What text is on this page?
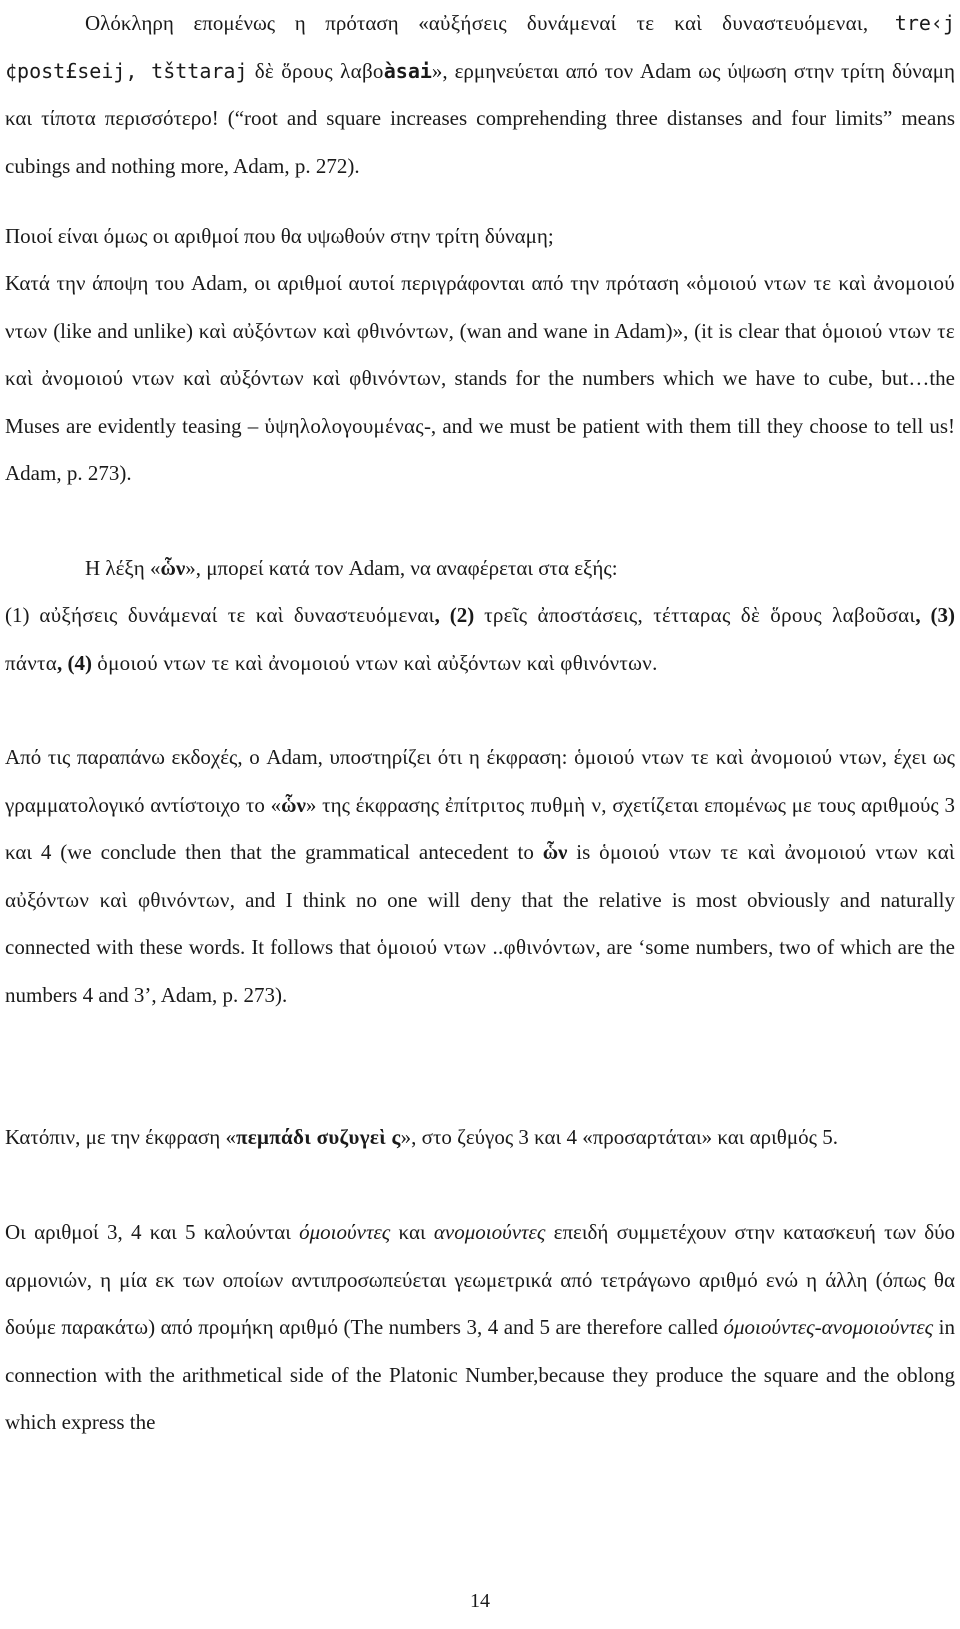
Ολόκληρη επομένως η πρόταση «αὐξήσεις δυνάμεναί τε καὶ δυναστευόμεναι, tre‹j ¢post£seij, tšttaraj δὲ ὅρους λαβοàsai», ερμηνεύεται από τον Adam ως ύψωση στην τρίτη δύναμη και τίποτα περισσότερο! (“root and square increases comprehending three distanses and four limits” means cubings and nothing more, Adam, p. 272).

Ποιοί είναι όμως οι αριθμοί που θα υψωθούν στην τρίτη δύναμη;

Κατά την άποψη του Adam, οι αριθμοί αυτοί περιγράφονται από την πρόταση «ὁμοιού ντων τε καὶ ἀνομοιού ντων (like and unlike) καὶ αὐξόντων καὶ φθινόντων, (wan and wane in Adam)», (it is clear that ὁμοιού ντων τε καὶ ἀνομοιού ντων καὶ αὐξόντων καὶ φθινόντων, stands for the numbers which we have to cube, but…the Muses are evidently teasing – ὑψηλολογουμένας-, and we must be patient with them till they choose to tell us! Adam, p. 273).

Η λέξη «ὧν», μπορεί κατά τον Adam, να αναφέρεται στα εξής:

(1) αὐξήσεις δυνάμεναί τε καὶ δυναστευόμεναι, (2) τρεῖς ἀποστάσεις, τέτταρας δὲ ὅρους λαβοῦσαι, (3) πάντα, (4) ὁμοιού ντων τε καὶ ἀνομοιού ντων καὶ αὐξόντων καὶ φθινόντων.

Από τις παραπάνω εκδοχές, ο Adam, υποστηρίζει ότι η έκφραση: ὁμοιού ντων τε καὶ ἀνομοιού ντων, έχει ως γραμματολογικό αντίστοιχο το «ὧν» της έκφρασης ἐπίτριτος πυθμὴ ν, σχετίζεται επομένως με τους αριθμούς 3 και 4 (we conclude then that the grammatical antecedent to ὧν is ὁμοιού ντων τε καὶ ἀνομοιού ντων καὶ αὐξόντων καὶ φθινόντων, and I think no one will deny that the relative is most obviously and naturally connected with these words. It follows that ὁμοιού ντων ..φθινόντων, are ‘some numbers, two of which are the numbers 4 and 3’, Adam, p. 273).

Κατόπιν, με την έκφραση «πεμπάδι συζυγεὶ ς», στο ζεύγος 3 και 4 «προσαρτάται» και αριθμός 5.

Οι αριθμοί 3, 4 και 5 καλούνται όμοιούντες και ανομοιούντες επειδή συμμετέχουν στην κατασκευή των δύο αρμονιών, η μία εκ των οποίων αντιπροσωπεύεται γεωμετρικά από τετράγωνο αριθμό ενώ η άλλη (όπως θα δούμε παρακάτω) από προμήκη αριθμό (The numbers 3, 4 and 5 are therefore called όμοιούντες-ανομοιούντες in connection with the arithmetical side of the Platonic Number,because they produce the square and the oblong which express the

14
